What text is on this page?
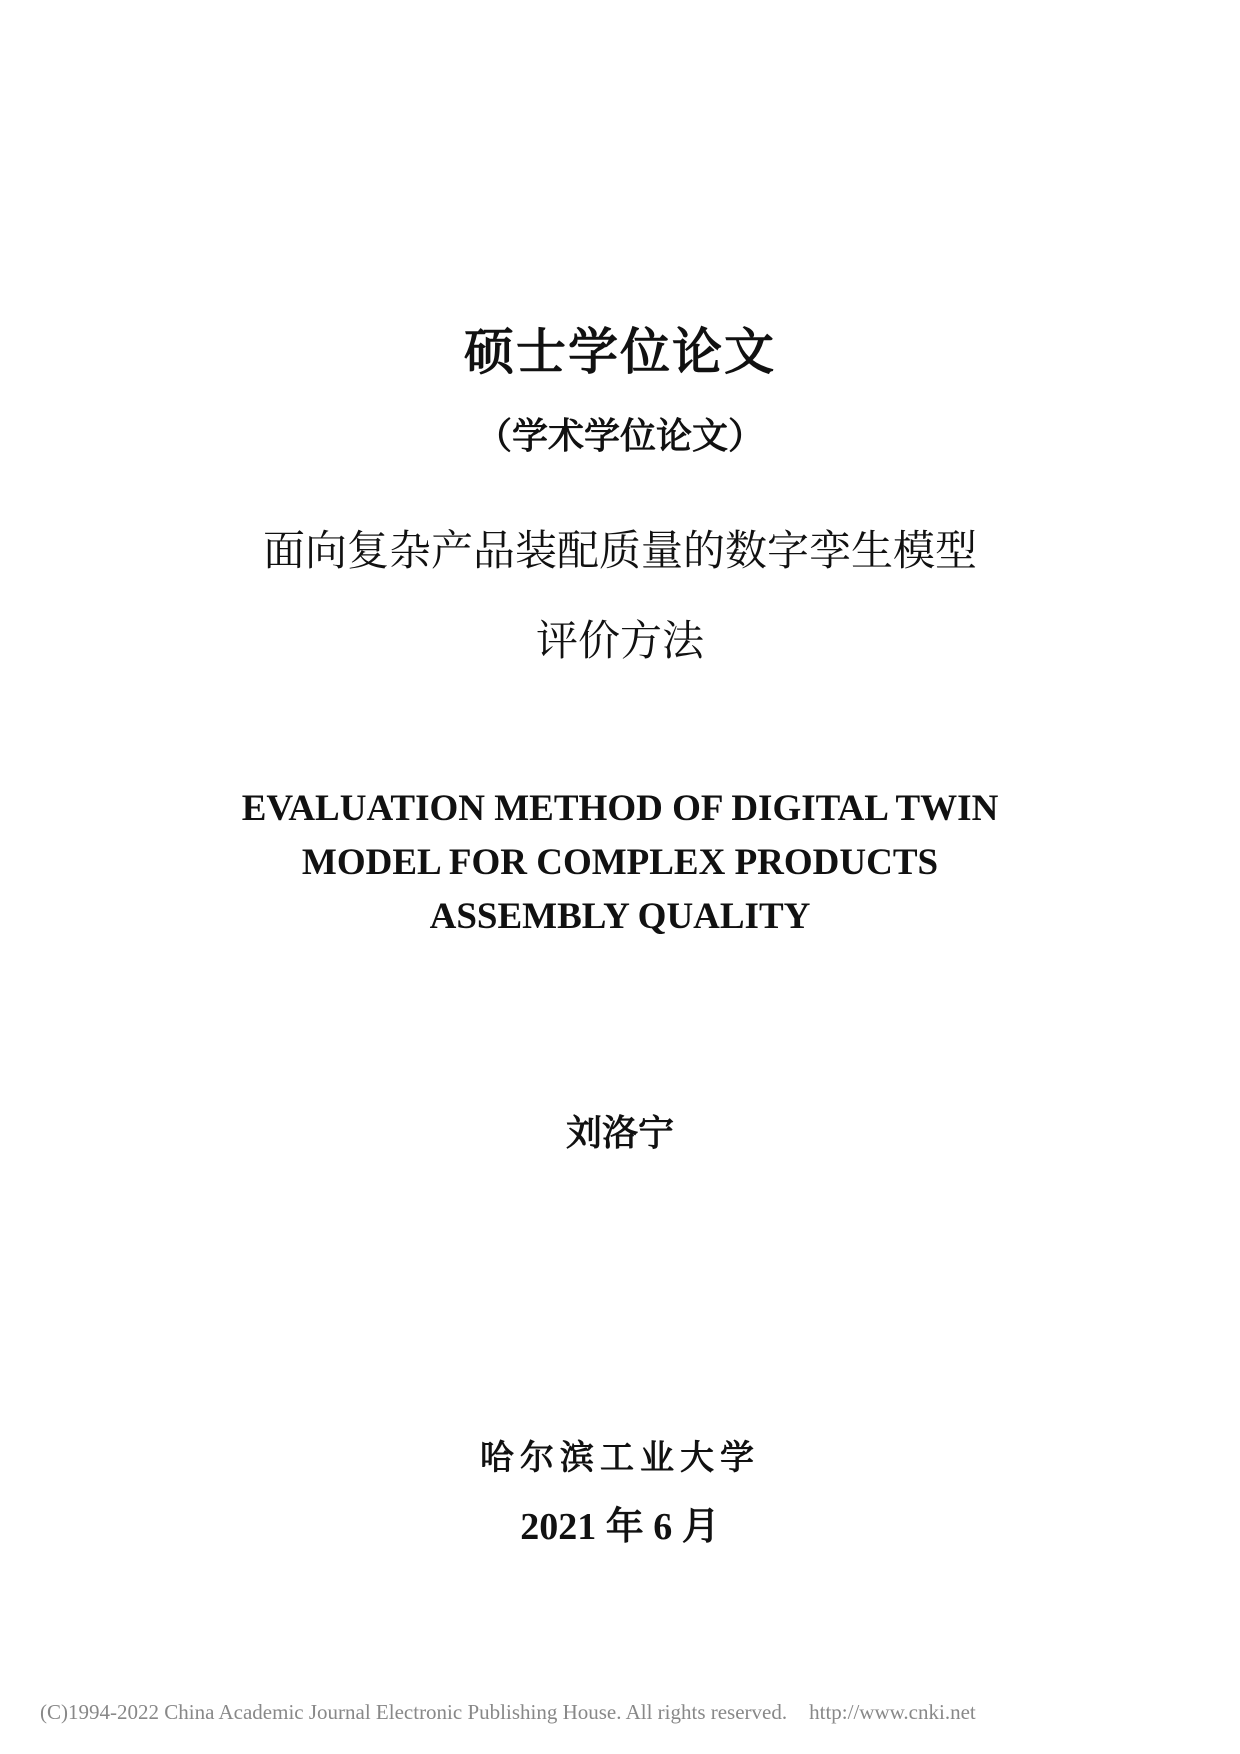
硕士学位论文
（学术学位论文）
面向复杂产品装配质量的数字孪生模型
评价方法
EVALUATION METHOD OF DIGITAL TWIN
MODEL FOR COMPLEX PRODUCTS
ASSEMBLY QUALITY
刘洛宁
哈尔滨工业大学
2021 年 6 月
(C)1994-2022 China Academic Journal Electronic Publishing House. All rights reserved. http://www.cnki.net
